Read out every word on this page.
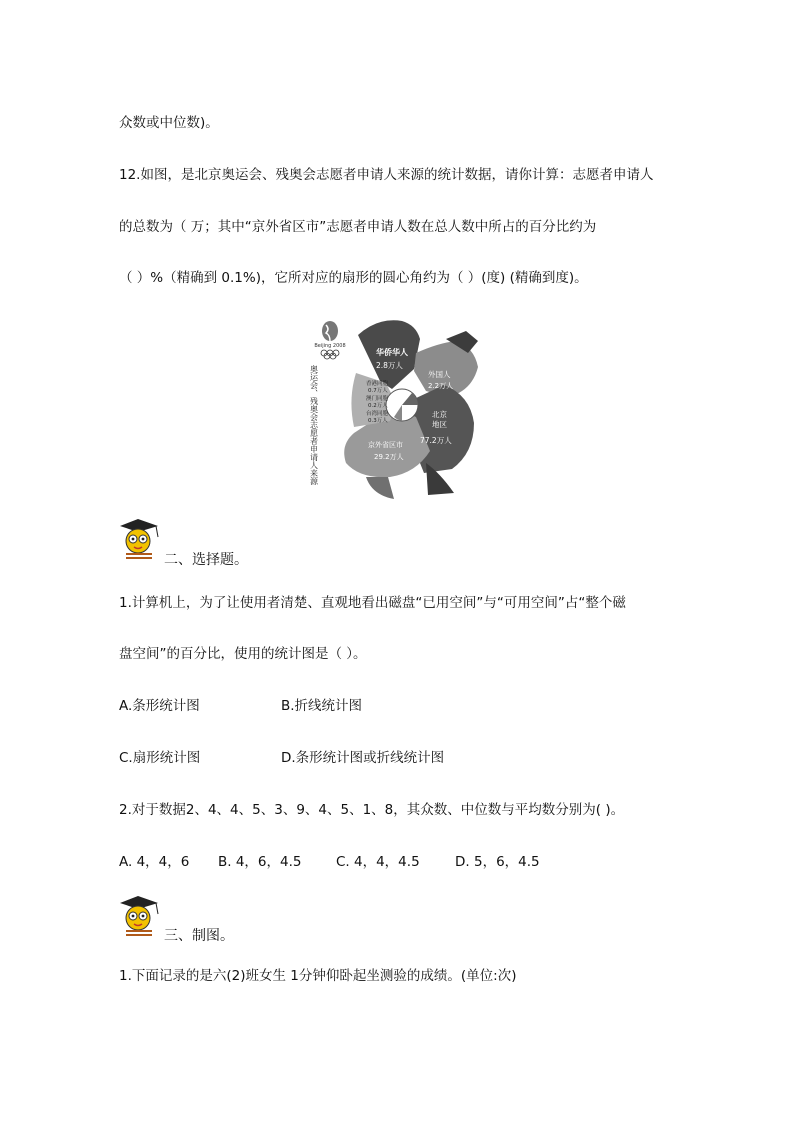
众数或中位数)。
12.如图，是北京奥运会、残奥会志愿者申请人来源的统计数据，请你计算：志愿者申请人
的总数为（ 万；其中“京外省区市”志愿者申请人数在总人数中所占的百分比约为
（ ）%（精确到 0.1%)，它所对应的扇形的圆心角约为（ ）(度) (精确到度)。
Beijing 2008
奥运会、残奥会志愿者申请人来源
华侨华人
2.8万人
外国人
2.2万人
北京
地区
77.2万人
京外省区市
29.2万人
香港同胞
0.7万人
澳门同胞
0.2万人
台湾同胞
0.3万人
二、选择题。
1.计算机上，为了让使用者清楚、直观地看出磁盘“已用空间”与“可用空间”占“整个磁
盘空间”的百分比，使用的统计图是（ ）。
A.条形统计图	B.折线统计图
C.扇形统计图	D.条形统计图或折线统计图
2.对于数据2、4、4、5、3、9、4、5、1、8，其众数、中位数与平均数分别为( )。
A. 4，4，6 B. 4，6，4.5	C. 4，4，4.5	D. 5，6，4.5
三、制图。
1.下面记录的是六(2)班女生 1分钟仰卧起坐测验的成绩。(单位:次)
